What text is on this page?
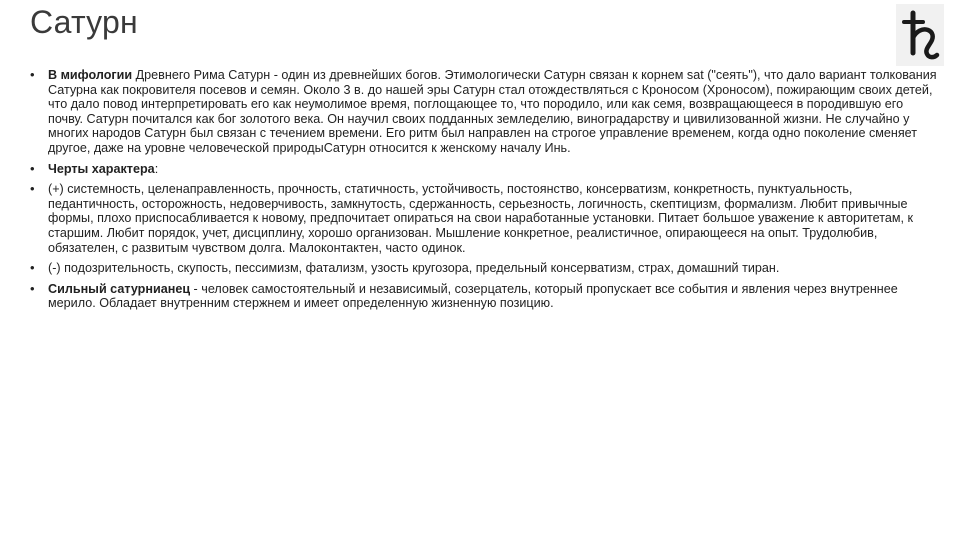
Сатурн
• В мифологии Древнего Рима Сатурн - один из древнейших богов. Этимологически Сатурн связан к корнем sat ("сеять"), что дало вариант толкования Сатурна как покровителя посевов и семян. Около 3 в. до нашей эры Сатурн стал отождествляться с Кроносом (Хроносом), пожирающим своих детей, что дало повод интерпретировать его как неумолимое время, поглощающее то, что породило, или как семя, возвращающееся в породившую его почву. Сатурн почитался как бог золотого века. Он научил своих подданных земледелию, виноградарству и цивилизованной жизни. Не случайно у многих народов Сатурн был связан с течением времени. Его ритм был направлен на строгое управление временем, когда одно поколение сменяет другое, даже на уровне человеческой природыСатурн относится к женскому началу Инь.
• Черты характера:
• (+) системность, целенаправленность, прочность, статичность, устойчивость, постоянство, консерватизм, конкретность, пунктуальность, педантичность, осторожность, недоверчивость, замкнутость, сдержанность, серьезность, логичность, скептицизм, формализм. Любит привычные формы, плохо приспосабливается к новому, предпочитает опираться на свои наработанные установки. Питает большое уважение к авторитетам, к старшим. Любит порядок, учет, дисциплину, хорошо организован. Мышление конкретное, реалистичное, опирающееся на опыт. Трудолюбив, обязателен, с развитым чувством долга. Малоконтактен, часто одинок.
• (-) подозрительность, скупость, пессимизм, фатализм, узость кругозора, предельный консерватизм, страх, домашний тиран.
• Сильный сатурнианец - человек самостоятельный и независимый, созерцатель, который пропускает все события и явления через внутреннее мерило. Обладает внутренним стержнем и имеет определенную жизненную позицию.
